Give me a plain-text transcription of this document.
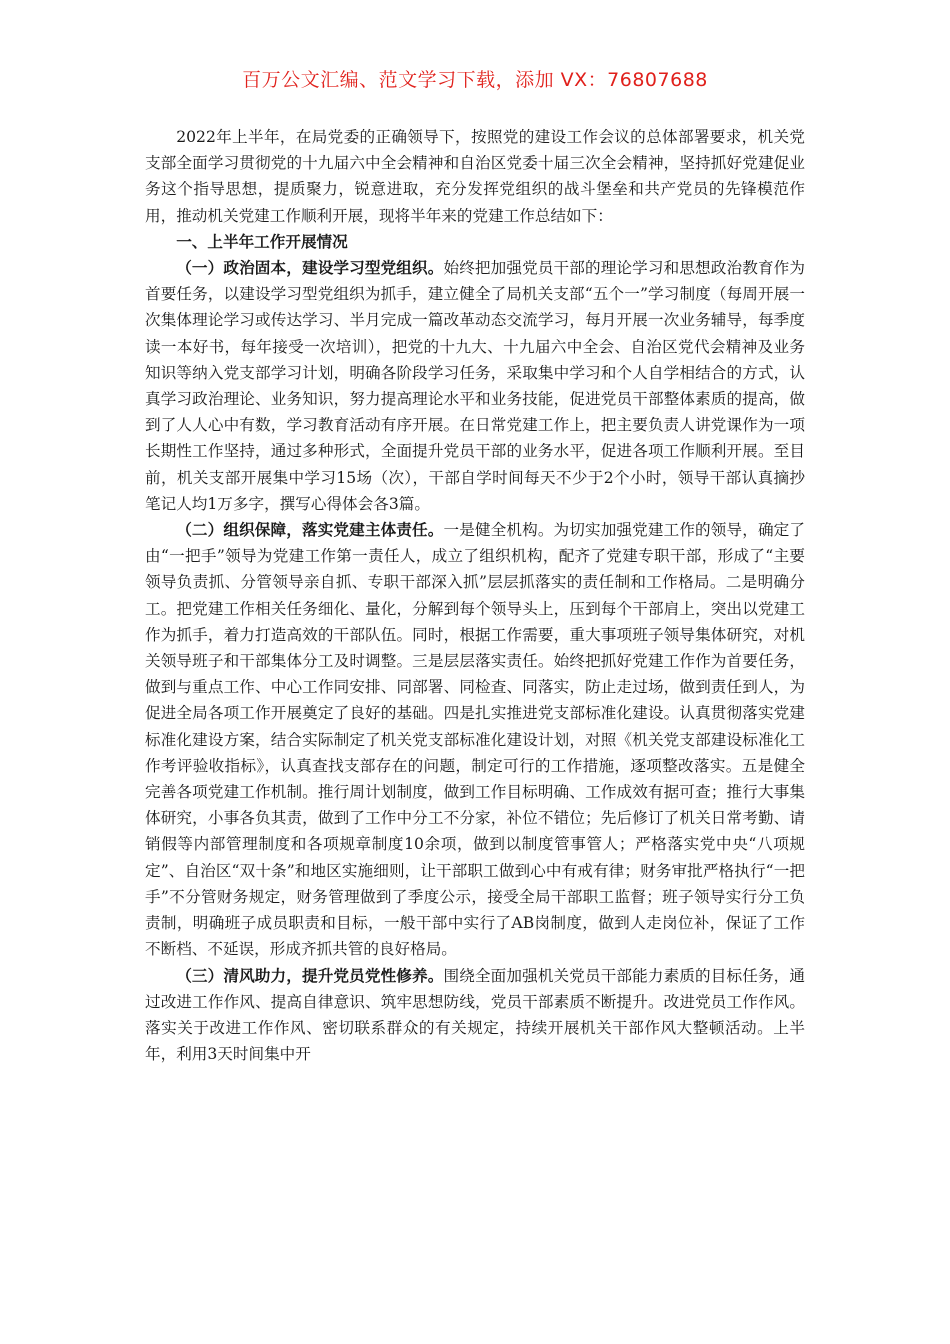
百万公文汇编、范文学习下载，添加 VX：76807688

2022年上半年，在局党委的正确领导下，按照党的建设工作会议的总体部署要求，机关党支部全面学习贯彻党的十九届六中全会精神和自治区党委十届三次全会精神，坚持抓好党建促业务这个指导思想，提质聚力，锐意进取，充分发挥党组织的战斗堡垒和共产党员的先锋模范作用，推动机关党建工作顺利开展，现将半年来的党建工作总结如下：

一、上半年工作开展情况

（一）政治固本，建设学习型党组织。始终把加强党员干部的理论学习和思想政治教育作为首要任务，以建设学习型党组织为抓手，建立健全了局机关支部“五个一”学习制度（每周开展一次集体理论学习或传达学习、半月完成一篇改革动态交流学习，每月开展一次业务辅导，每季度读一本好书，每年接受一次培训），把党的十九大、十九届六中全会、自治区党代会精神及业务知识等纳入党支部学习计划，明确各阶段学习任务，采取集中学习和个人自学相结合的方式，认真学习政治理论、业务知识，努力提高理论水平和业务技能，促进党员干部整体素质的提高，做到了人人心中有数，学习教育活动有序开展。在日常党建工作上，把主要负责人讲党课作为一项长期性工作坚持，通过多种形式，全面提升党员干部的业务水平，促进各项工作顺利开展。至目前，机关支部开展集中学习15场（次），干部自学时间每天不少于2个小时，领导干部认真摘抄笔记人均1万多字，撰写心得体会各3篇。

（二）组织保障，落实党建主体责任。一是健全机构。为切实加强党建工作的领导，确定了由“一把手”领导为党建工作第一责任人，成立了组织机构，配齐了党建专职干部，形成了“主要领导负责抓、分管领导亲自抓、专职干部深入抓”层层抓落实的责任制和工作格局。二是明确分工。把党建工作相关任务细化、量化，分解到每个领导头上，压到每个干部肩上，突出以党建工作为抓手，着力打造高效的干部队伍。同时，根据工作需要，重大事项班子领导集体研究，对机关领导班子和干部集体分工及时调整。三是层层落实责任。始终把抓好党建工作作为首要任务，做到与重点工作、中心工作同安排、同部署、同检查、同落实，防止走过场，做到责任到人，为促进全局各项工作开展奠定了良好的基础。四是扎实推进党支部标准化建设。认真贯彻落实党建标准化建设方案，结合实际制定了机关党支部标准化建设计划，对照《机关党支部建设标准化工作考评验收指标》，认真查找支部存在的问题，制定可行的工作措施，逐项整改落实。五是健全完善各项党建工作机制。推行周计划制度，做到工作目标明确、工作成效有据可查；推行大事集体研究，小事各负其责，做到了工作中分工不分家，补位不错位；先后修订了机关日常考勤、请销假等内部管理制度和各项规章制度10余项，做到以制度管事管人；严格落实党中央“八项规定”、自治区“双十条”和地区实施细则，让干部职工做到心中有戒有律；财务审批严格执行“一把手”不分管财务规定，财务管理做到了季度公示，接受全局干部职工监督；班子领导实行分工负责制，明确班子成员职责和目标，一般干部中实行了AB岗制度，做到人走岗位补，保证了工作不断档、不延误，形成齐抓共管的良好格局。

（三）清风助力，提升党员党性修养。围绕全面加强机关党员干部能力素质的目标任务，通过改进工作作风、提高自律意识、筑牢思想防线，党员干部素质不断提升。改进党员工作作风。落实关于改进工作作风、密切联系群众的有关规定，持续开展机关干部作风大整顿活动。上半年，利用3天时间集中开
